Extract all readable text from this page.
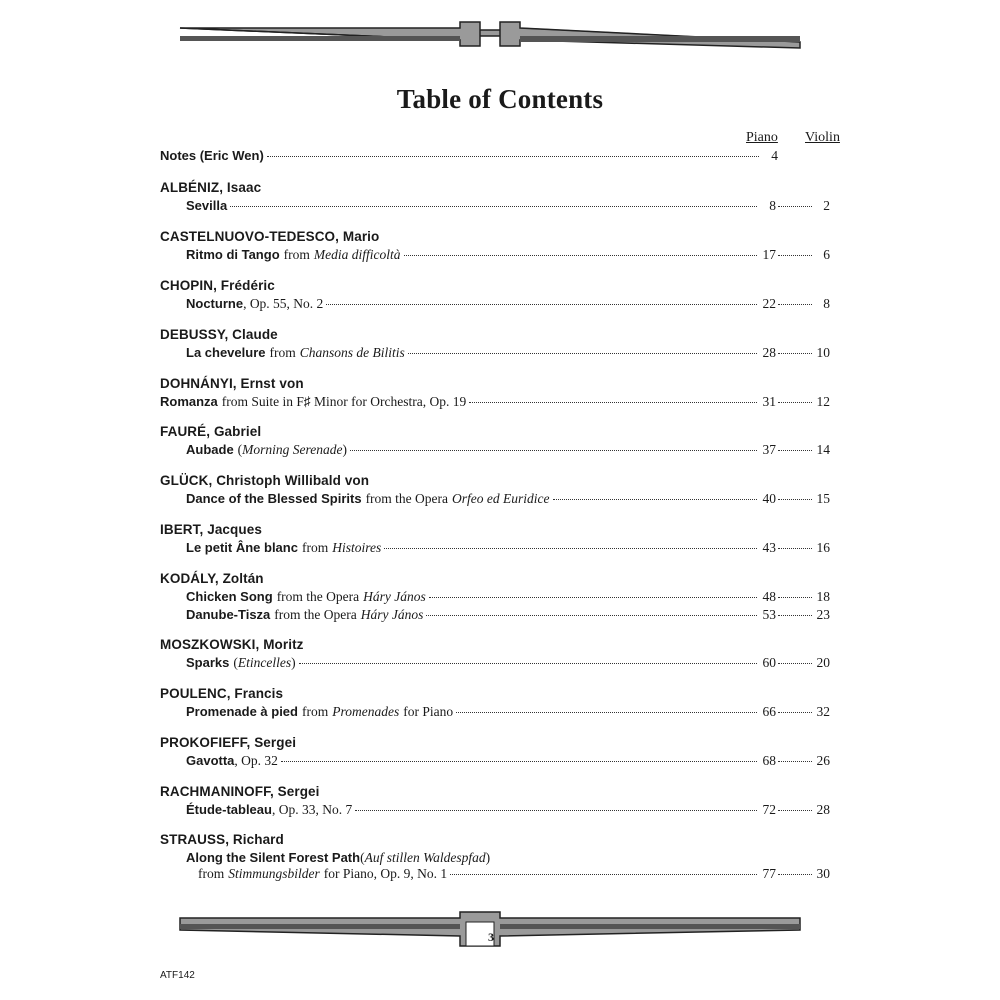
Table of Contents
Piano Violin
Notes (Eric Wen)	4
ALBÉNIZ, Isaac
Sevilla	8	2
CASTELNUOVO-TEDESCO, Mario
Ritmo di Tango from Media difficoltà	17	6
CHOPIN, Frédéric
Nocturne , Op. 55, No. 2	22	8
DEBUSSY, Claude
La chevelure from Chansons de Bilitis	28	10
DOHNÁNYI, Ernst von
Romanza from Suite in F♯ Minor for Orchestra, Op. 19	31	12
FAURÉ, Gabriel
Aubade ( Morning Serenade )	37	14
GLÜCK, Christoph Willibald von
Dance of the Blessed Spirits from the Opera Orfeo ed Euridice	40	15
IBERT, Jacques
Le petit Âne blanc from Histoires	43	16
KODÁLY, Zoltán
Chicken Song from the Opera Háry János	48	18
Danube-Tisza from the Opera Háry János	53	23
MOSZKOWSKI, Moritz
Sparks ( Etincelles )	60	20
POULENC, Francis
Promenade à pied from Promenades for Piano	66	32
PROKOFIEFF, Sergei
Gavotta , Op. 32	68	26
RACHMANINOFF, Sergei
Étude-tableau , Op. 33, No. 7	72	28
STRAUSS, Richard
Along the Silent Forest Path(Auf stillen Waldespfad)
from Stimmungsbilder for Piano, Op. 9, No. 1	77	30
3
ATF142
